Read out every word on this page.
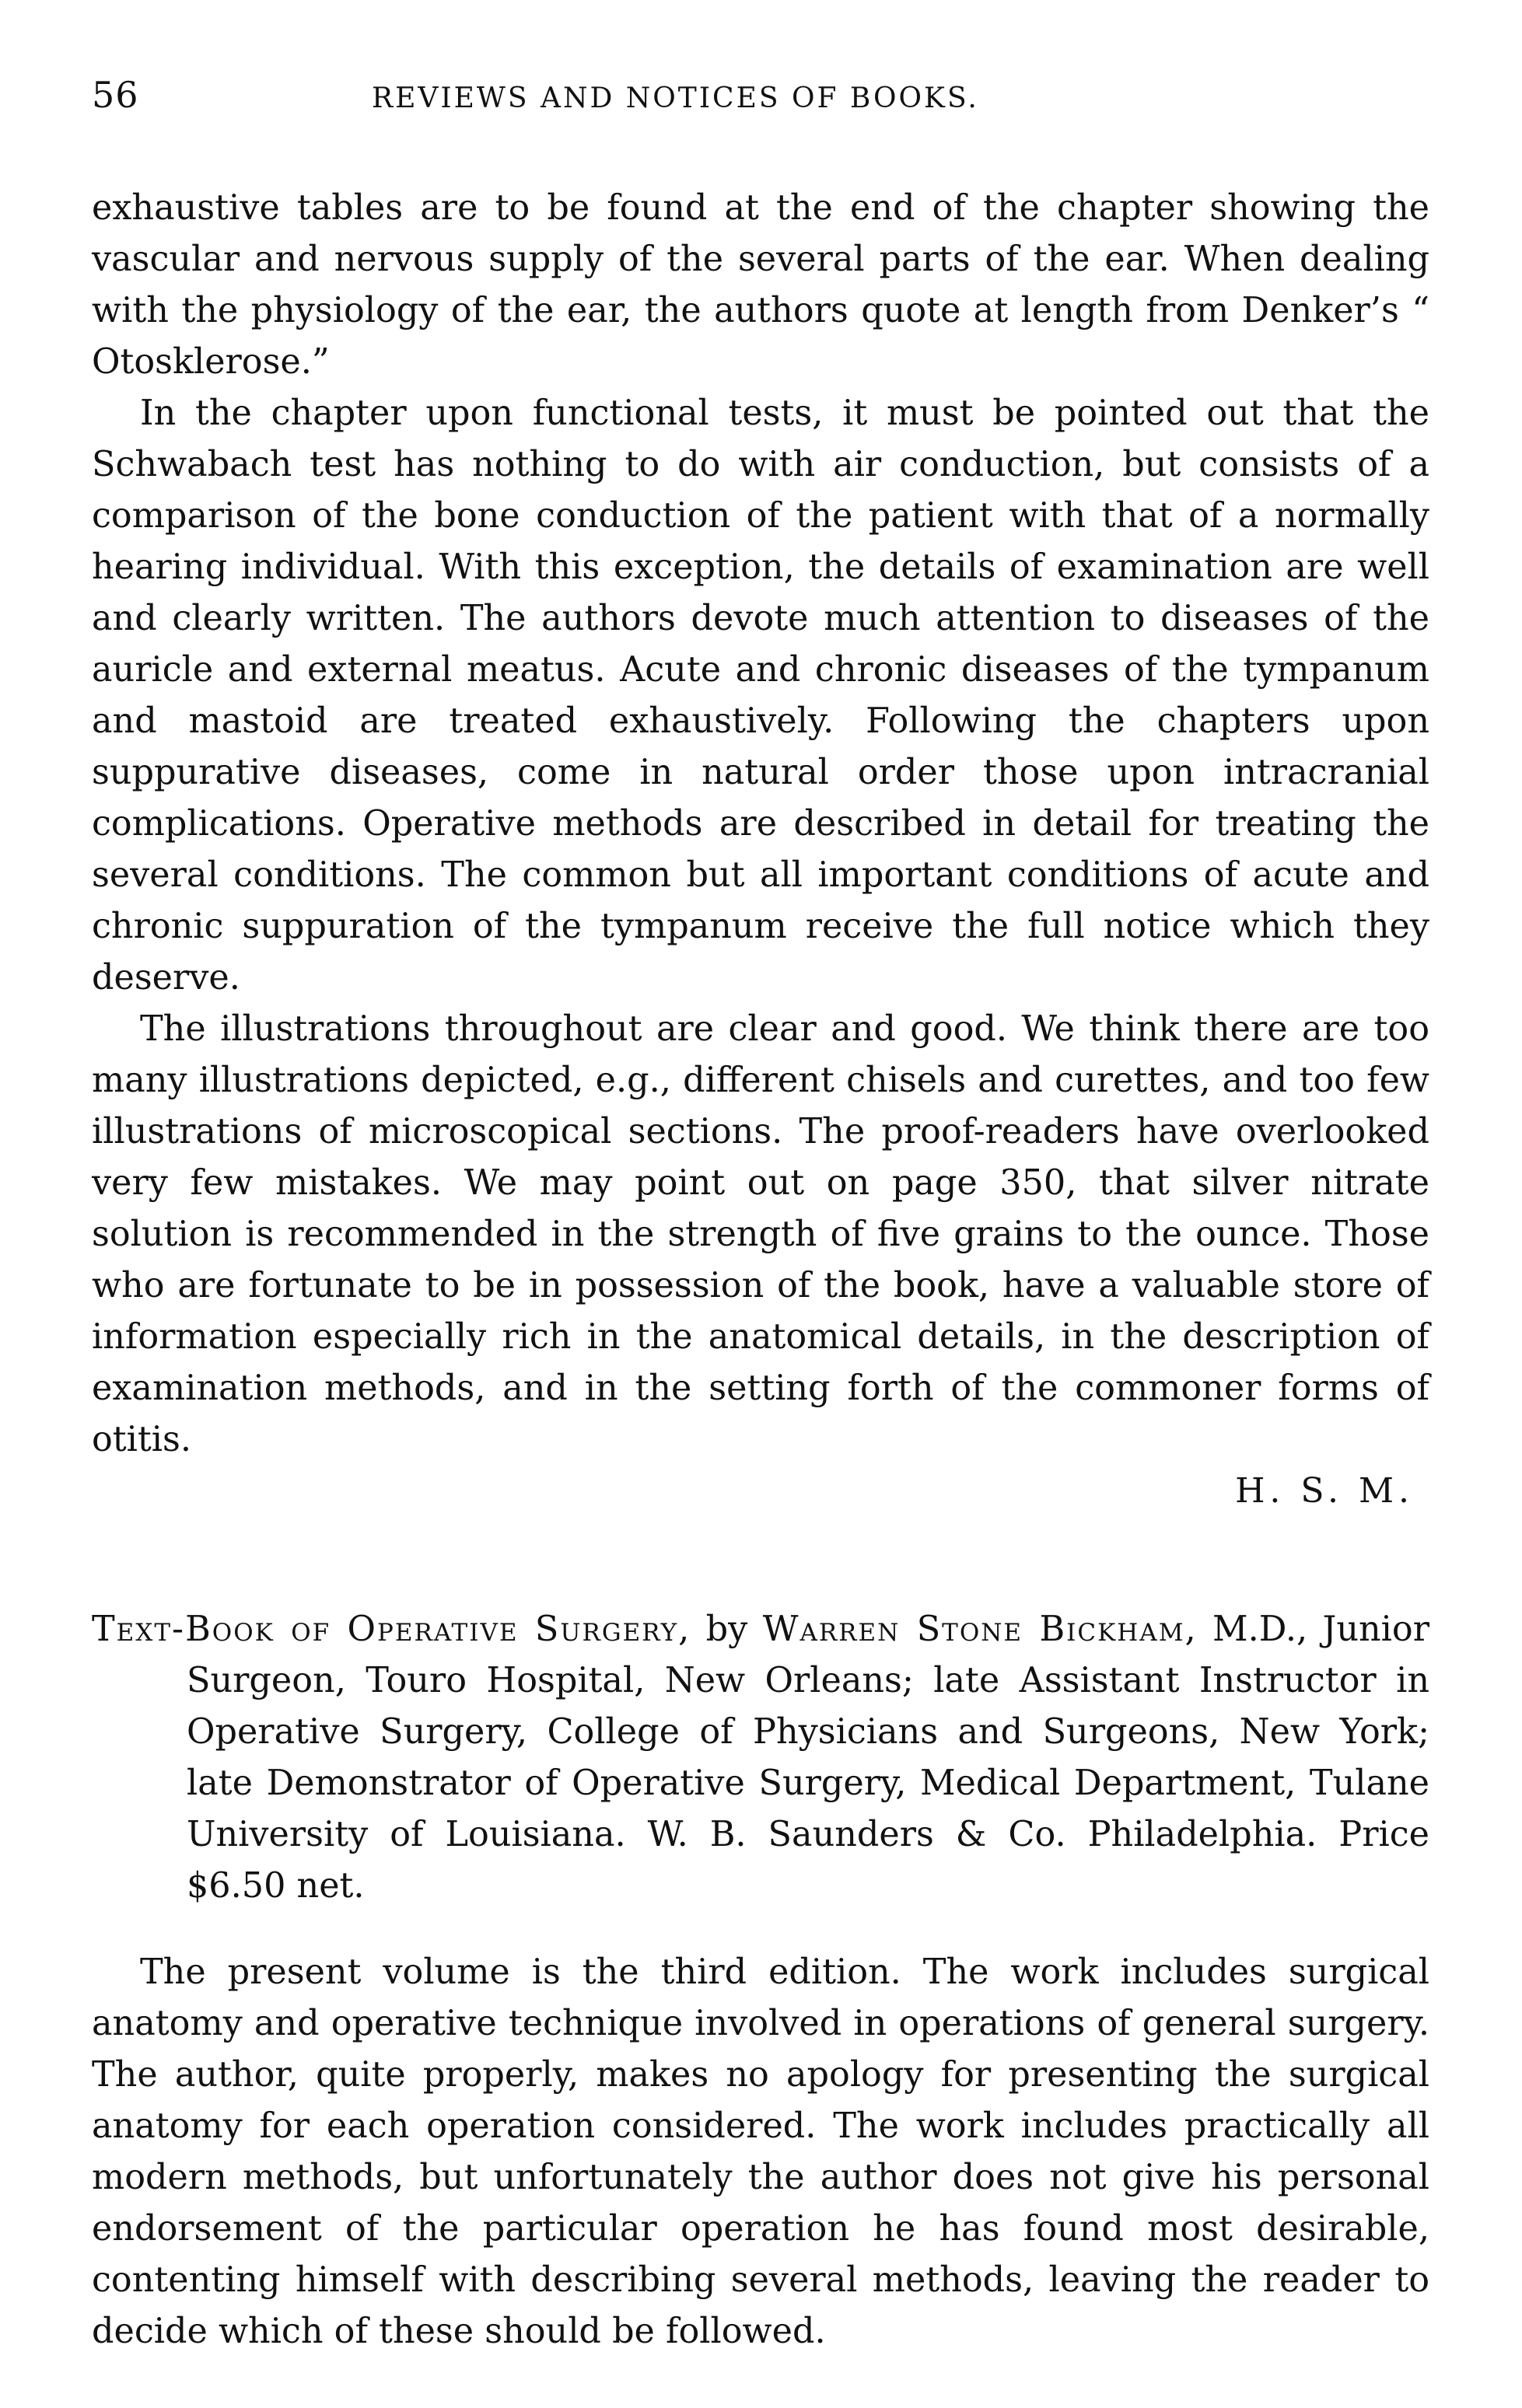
56	REVIEWS AND NOTICES OF BOOKS.

exhaustive tables are to be found at the end of the chapter showing the vascular and nervous supply of the several parts of the ear. When dealing with the physiology of the ear, the authors quote at length from Denker’s “ Otosklerose.”

In the chapter upon functional tests, it must be pointed out that the Schwabach test has nothing to do with air conduction, but consists of a comparison of the bone conduction of the patient with that of a normally hearing individual. With this exception, the details of examination are well and clearly written. The authors devote much attention to diseases of the auricle and external meatus. Acute and chronic diseases of the tympanum and mastoid are treated exhaustively. Following the chapters upon suppurative diseases, come in natural order those upon intracranial complications. Operative methods are described in detail for treating the several conditions. The common but all important conditions of acute and chronic suppuration of the tympanum receive the full notice which they deserve.

The illustrations throughout are clear and good. We think there are too many illustrations depicted, e.g., different chisels and curettes, and too few illustrations of microscopical sections. The proof-readers have overlooked very few mistakes. We may point out on page 350, that silver nitrate solution is recommended in the strength of five grains to the ounce. Those who are fortunate to be in possession of the book, have a valuable store of information especially rich in the anatomical details, in the description of examination methods, and in the setting forth of the commoner forms of otitis.

H. S. M.

Text-Book of Operative Surgery, by Warren Stone Bickham, M.D., Junior Surgeon, Touro Hospital, New Orleans; late Assistant Instructor in Operative Surgery, College of Physicians and Surgeons, New York; late Demonstrator of Operative Surgery, Medical Department, Tulane University of Louisiana. W. B. Saunders & Co. Philadelphia. Price $6.50 net.

The present volume is the third edition. The work includes surgical anatomy and operative technique involved in operations of general surgery. The author, quite properly, makes no apology for presenting the surgical anatomy for each operation considered. The work includes practically all modern methods, but unfortunately the author does not give his personal endorsement of the particular operation he has found most desirable, contenting himself with describing several methods, leaving the reader to decide which of these should be followed.
